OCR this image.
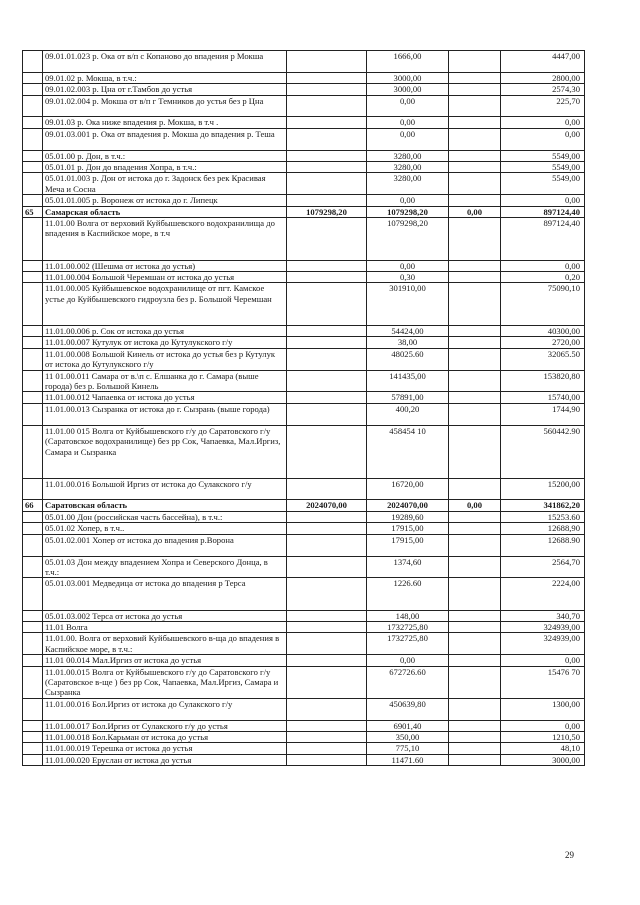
	09.01.01.023 р. Ока от в/п с Копаново до впадения р Мокша		1666,00		4447,00
	09.01.02 р. Мокша, в т.ч.:		3000,00		2800,00
	09.01.02.003 р. Цна от г.Тамбов до устья		3000,00		2574,30
	09.01.02.004 р. Мокша от в/п г Темников до устья без р Цна		0,00		225,70
	09.01.03 р. Ока ниже впадения р. Мокша, в т.ч .		0,00		0,00
	09.01.03.001 р. Ока от впадения р. Мокша до впадения р. Теша		0,00		0,00
	05.01.00 р. Дон, в т.ч.:		3280,00		5549,00
	05.01.01 р. Дон до впадения Хопра, в т.ч.:		3280,00		5549,00
	05.01.01.003 р. Дон от истока до г. Задонск без рек Красивая Меча и Сосна		3280,00		5549,00
	05.01.01.005 р. Воронеж от истока до г. Липецк		0,00		0,00
65	Самарская область	1079298,20	1079298,20	0,00	897124,40
	11.01.00 Волга от верховий Куйбышевского водохранилища до впадения в Каспийское море, в т.ч		1079298,20		897124,40
	11.01.00.002 (Шешма от истока до устья)		0,00		0,00
	11.01.00.004 Большой Черемшан от истока до устья		0,30		0,20
	11.01.00.005 Куйбышевское водохранилище от пгт. Камское устье до Куйбышевского гидроузла без р. Большой Черемшан		301910,00		75090,10
	11.01.00.006 р. Сок от истока до устья		54424,00		40300,00
	11.01.00.007 Кутулук от истока до Кутулукского г/у		38,00		2720,00
	11.01.00.008 Большой Кинель от истока до устья без р Кутулук от истока до Кутулукского г/у		48025.60		32065.50
	11 01.00.011 Самара от в.\п с. Елшанка до г. Самара (выше города) без р. Большой Кинель		141435,00		153820,80
	11.01.00.012 Чапаевка от истока до устья		57891,00		15740,00
	11.01.00.013 Сызранка от истока до г. Сызрань (выше города)		400,20		1744,90
	11.01.00 015 Волга от Куйбышевского г/у до Саратовского г/у (Саратовское водохранилище) без рр Сок, Чапаевка, Мал.Иргиз, Самара и Сызранка		458454 10		560442.90
	11.01.00.016 Большой Иргиз от истока до Сулакского г/у		16720,00		15200,00
66	Саратовская область	2024070,00	2024070,00	0,00	341862,20
	05.01.00 Дон (российская часть бассейна), в т.ч.:		19289,60		15253.60
	05.01.02 Хопер, в т.ч..		17915,00		12688,90
	05.01.02.001 Хопер от истока до впадения р.Ворона		17915,00		12688.90
	05.01.03 Дон между впадением Хопра и Северского Донца, в т.ч.:		1374,60		2564,70
	05.01.03.001 Медведица от истока до впадения р Терса		1226.60		2224,00
	05.01.03.002 Терса от истока до устья		148,00		340,70
	11.01 Волга		1732725,80		324939,00
	11.01.00. Волга от верховий Куйбышевского в-ща до впадения в Каспийское море, в т.ч.:		1732725,80		324939,00
	11.01 00.014 Мал.Иргиз от истока до устья		0,00		0,00
	11.01.00.015 Волга от Куйбышевского г/у до Саратовского г/у (Саратовское в-ще ) без рр Сок, Чапаевка, Мал.Иргиз, Самара и Сызранка		672726.60		15476 70
	11.01.00.016 Бол.Иргиз от истока до Сулакского г/у		450639,80		1300,00
	11.01.00.017 Бол.Иргиз от Сулакского г/у до устья		6901,40		0,00
	11.01.00.018 Бол.Карьман от истока до устья		350,00		1210,50
	11.01.00.019 Терешка от истока до устья		775,10		48,10
	11.01.00.020 Еруслан от истока до устья		11471.60		3000,00
29
